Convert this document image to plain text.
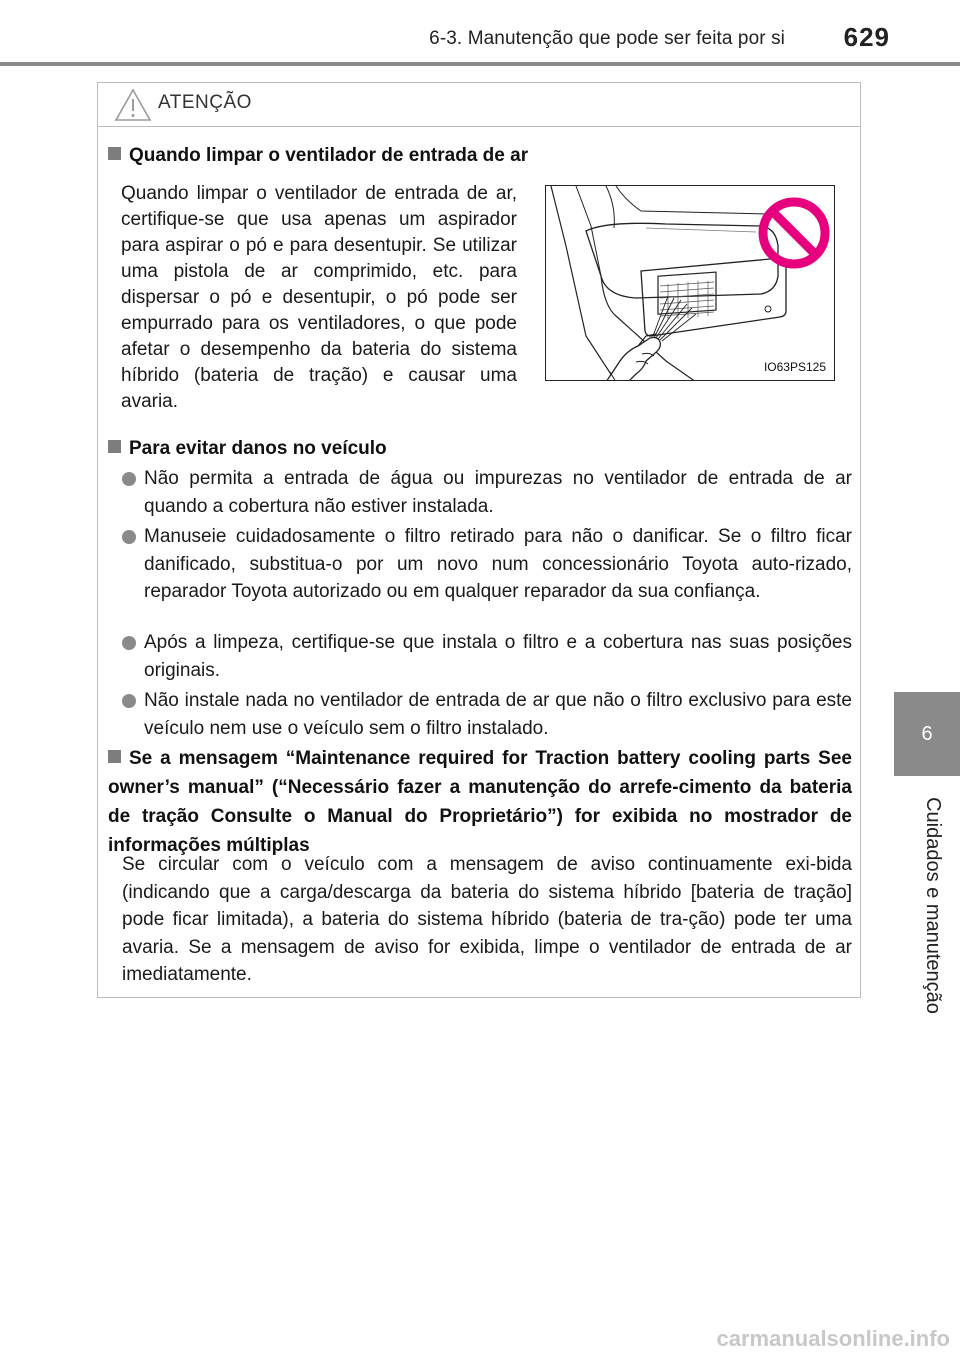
6-3. Manutenção que pode ser feita por si 629
6
Cuidados e manutenção
ATENÇÃO
Quando limpar o ventilador de entrada de ar
Quando limpar o ventilador de entrada de ar, certifique-se que usa apenas um aspirador para aspirar o pó e para desentupir. Se utilizar uma pistola de ar comprimido, etc. para dispersar o pó e desentupir, o pó pode ser empurrado para os ventiladores, o que pode afetar o desempenho da bateria do sistema híbrido (bateria de tração) e causar uma avaria.
Para evitar danos no veículo
Não permita a entrada de água ou impurezas no ventilador de entrada de ar quando a cobertura não estiver instalada.
Manuseie cuidadosamente o filtro retirado para não o danificar. Se o filtro ficar danificado, substitua-o por um novo num concessionário Toyota auto-rizado, reparador Toyota autorizado ou em qualquer reparador da sua confiança.
Após a limpeza, certifique-se que instala o filtro e a cobertura nas suas posições originais.
Não instale nada no ventilador de entrada de ar que não o filtro exclusivo para este veículo nem use o veículo sem o filtro instalado.
Se a mensagem “Maintenance required for Traction battery cooling parts See owner’s manual” (“Necessário fazer a manutenção do arrefe-cimento da bateria de tração Consulte o Manual do Proprietário”) for exibida no mostrador de informações múltiplas
Se circular com o veículo com a mensagem de aviso continuamente exi-bida (indicando que a carga/descarga da bateria do sistema híbrido [bateria de tração] pode ficar limitada), a bateria do sistema híbrido (bateria de tra-ção) pode ter uma avaria. Se a mensagem de aviso for exibida, limpe o ventilador de entrada de ar imediatamente.
IO63PS125
carmanualsonline.info
